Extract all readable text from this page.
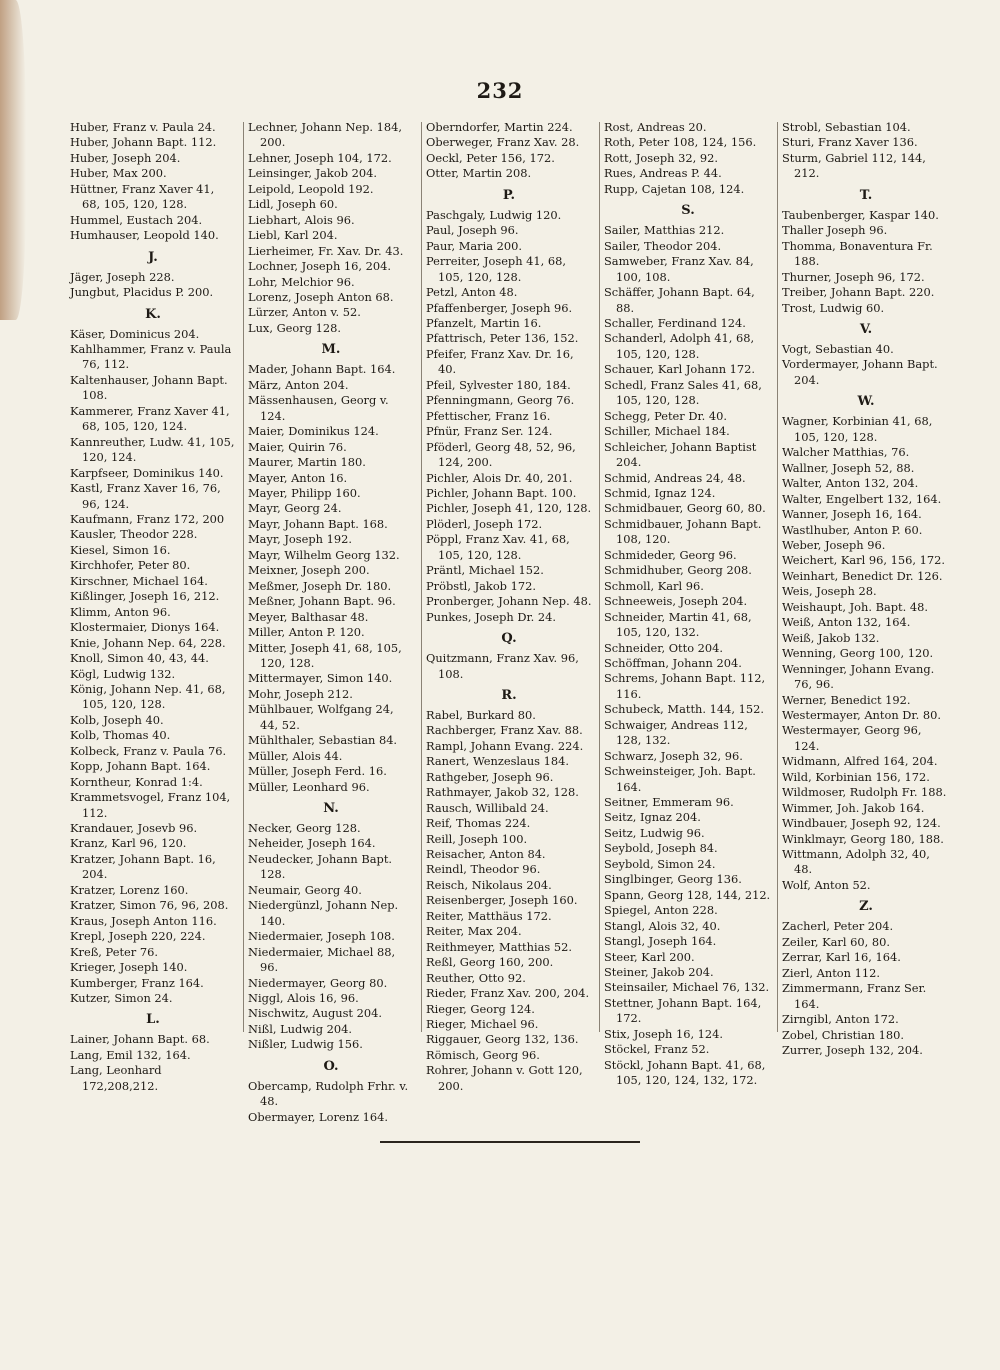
232
Huber, Franz v. Paula 24.
Huber, Johann Bapt. 112.
Huber, Joseph 204.
Huber, Max 200.
Hüttner, Franz Xaver 41, 68, 105, 120, 128.
Hummel, Eustach 204.
Humhauser, Leopold 140.
J.
Jäger, Joseph 228.
Jungbut, Placidus P. 200.
K.
Käser, Dominicus 204.
Kahlhammer, Franz v. Paula 76, 112.
Kaltenhauser, Johann Bapt. 108.
Kammerer, Franz Xaver 41, 68, 105, 120, 124.
Kannreuther, Ludw. 41, 105, 120, 124.
Karpfseer, Dominikus 140.
Kastl, Franz Xaver 16, 76, 96, 124.
Kaufmann, Franz 172, 200
Kausler, Theodor 228.
Kiesel, Simon 16.
Kirchhofer, Peter 80.
Kirschner, Michael 164.
Kißlinger, Joseph 16, 212.
Klimm, Anton 96.
Klostermaier, Dionys 164.
Knie, Johann Nep. 64, 228.
Knoll, Simon 40, 43, 44.
Kögl, Ludwig 132.
König, Johann Nep. 41, 68, 105, 120, 128.
Kolb, Joseph 40.
Kolb, Thomas 40.
Kolbeck, Franz v. Paula 76.
Kopp, Johann Bapt. 164.
Korntheur, Konrad 1:4.
Krammetsvogel, Franz 104, 112.
Krandauer, Josevb 96.
Kranz, Karl 96, 120.
Kratzer, Johann Bapt. 16, 204.
Kratzer, Lorenz 160.
Kratzer, Simon 76, 96, 208.
Kraus, Joseph Anton 116.
Krepl, Joseph 220, 224.
Kreß, Peter 76.
Krieger, Joseph 140.
Kumberger, Franz 164.
Kutzer, Simon 24.
L.
Lainer, Johann Bapt. 68.
Lang, Emil 132, 164.
Lang, Leonhard 172,208,212.
Lechner, Johann Nep. 184, 200.
Lehner, Joseph 104, 172.
Leinsinger, Jakob 204.
Leipold, Leopold 192.
Lidl, Joseph 60.
Liebhart, Alois 96.
Liebl, Karl 204.
Lierheimer, Fr. Xav. Dr. 43.
Lochner, Joseph 16, 204.
Lohr, Melchior 96.
Lorenz, Joseph Anton 68.
Lürzer, Anton v. 52.
Lux, Georg 128.
M.
Mader, Johann Bapt. 164.
März, Anton 204.
Mässenhausen, Georg v. 124.
Maier, Dominikus 124.
Maier, Quirin 76.
Maurer, Martin 180.
Mayer, Anton 16.
Mayer, Philipp 160.
Mayr, Georg 24.
Mayr, Johann Bapt. 168.
Mayr, Joseph 192.
Mayr, Wilhelm Georg 132.
Meixner, Joseph 200.
Meßmer, Joseph Dr. 180.
Meßner, Johann Bapt. 96.
Meyer, Balthasar 48.
Miller, Anton P. 120.
Mitter, Joseph 41, 68, 105, 120, 128.
Mittermayer, Simon 140.
Mohr, Joseph 212.
Mühlbauer, Wolfgang 24, 44, 52.
Mühlthaler, Sebastian 84.
Müller, Alois 44.
Müller, Joseph Ferd. 16.
Müller, Leonhard 96.
N.
Necker, Georg 128.
Neheider, Joseph 164.
Neudecker, Johann Bapt. 128.
Neumair, Georg 40.
Niedergünzl, Johann Nep. 140.
Niedermaier, Joseph 108.
Niedermaier, Michael 88, 96.
Niedermayer, Georg 80.
Niggl, Alois 16, 96.
Nischwitz, August 204.
Nißl, Ludwig 204.
Nißler, Ludwig 156.
O.
Obercamp, Rudolph Frhr. v. 48.
Obermayer, Lorenz 164.
Oberndorfer, Martin 224.
Oberweger, Franz Xav. 28.
Oeckl, Peter 156, 172.
Otter, Martin 208.
P.
Paschgaly, Ludwig 120.
Paul, Joseph 96.
Paur, Maria 200.
Perreiter, Joseph 41, 68, 105, 120, 128.
Petzl, Anton 48.
Pfaffenberger, Joseph 96.
Pfanzelt, Martin 16.
Pfattrisch, Peter 136, 152.
Pfeifer, Franz Xav. Dr. 16, 40.
Pfeil, Sylvester 180, 184.
Pfenningmann, Georg 76.
Pfettischer, Franz 16.
Pfnür, Franz Ser. 124.
Pföderl, Georg 48, 52, 96, 124, 200.
Pichler, Alois Dr. 40, 201.
Pichler, Johann Bapt. 100.
Pichler, Joseph 41, 120, 128.
Plöderl, Joseph 172.
Pöppl, Franz Xav. 41, 68, 105, 120, 128.
Präntl, Michael 152.
Pröbstl, Jakob 172.
Pronberger, Johann Nep. 48.
Punkes, Joseph Dr. 24.
Q.
Quitzmann, Franz Xav. 96, 108.
R.
Rabel, Burkard 80.
Rachberger, Franz Xav. 88.
Rampl, Johann Evang. 224.
Ranert, Wenzeslaus 184.
Rathgeber, Joseph 96.
Rathmayer, Jakob 32, 128.
Rausch, Willibald 24.
Reif, Thomas 224.
Reill, Joseph 100.
Reisacher, Anton 84.
Reindl, Theodor 96.
Reisch, Nikolaus 204.
Reisenberger, Joseph 160.
Reiter, Matthäus 172.
Reiter, Max 204.
Reithmeyer, Matthias 52.
Reßl, Georg 160, 200.
Reuther, Otto 92.
Rieder, Franz Xav. 200, 204.
Rieger, Georg 124.
Rieger, Michael 96.
Riggauer, Georg 132, 136.
Römisch, Georg 96.
Rohrer, Johann v. Gott 120, 200.
Rost, Andreas 20.
Roth, Peter 108, 124, 156.
Rott, Joseph 32, 92.
Rues, Andreas P. 44.
Rupp, Cajetan 108, 124.
S.
Sailer, Matthias 212.
Sailer, Theodor 204.
Samweber, Franz Xav. 84, 100, 108.
Schäffer, Johann Bapt. 64, 88.
Schaller, Ferdinand 124.
Schanderl, Adolph 41, 68, 105, 120, 128.
Schauer, Karl Johann 172.
Schedl, Franz Sales 41, 68, 105, 120, 128.
Schegg, Peter Dr. 40.
Schiller, Michael 184.
Schleicher, Johann Baptist 204.
Schmid, Andreas 24, 48.
Schmid, Ignaz 124.
Schmidbauer, Georg 60, 80.
Schmidbauer, Johann Bapt. 108, 120.
Schmideder, Georg 96.
Schmidhuber, Georg 208.
Schmoll, Karl 96.
Schneeweis, Joseph 204.
Schneider, Martin 41, 68, 105, 120, 132.
Schneider, Otto 204.
Schöffman, Johann 204.
Schrems, Johann Bapt. 112, 116.
Schubeck, Matth. 144, 152.
Schwaiger, Andreas 112, 128, 132.
Schwarz, Joseph 32, 96.
Schweinsteiger, Joh. Bapt. 164.
Seitner, Emmeram 96.
Seitz, Ignaz 204.
Seitz, Ludwig 96.
Seybold, Joseph 84.
Seybold, Simon 24.
Singlbinger, Georg 136.
Spann, Georg 128, 144, 212.
Spiegel, Anton 228.
Stangl, Alois 32, 40.
Stangl, Joseph 164.
Steer, Karl 200.
Steiner, Jakob 204.
Steinsailer, Michael 76, 132.
Stettner, Johann Bapt. 164, 172.
Stix, Joseph 16, 124.
Stöckel, Franz 52.
Stöckl, Johann Bapt. 41, 68, 105, 120, 124, 132, 172.
Strobl, Sebastian 104.
Sturi, Franz Xaver 136.
Sturm, Gabriel 112, 144, 212.
T.
Taubenberger, Kaspar 140.
Thaller Joseph 96.
Thomma, Bonaventura Fr. 188.
Thurner, Joseph 96, 172.
Treiber, Johann Bapt. 220.
Trost, Ludwig 60.
V.
Vogt, Sebastian 40.
Vordermayer, Johann Bapt. 204.
W.
Wagner, Korbinian 41, 68, 105, 120, 128.
Walcher Matthias, 76.
Wallner, Joseph 52, 88.
Walter, Anton 132, 204.
Walter, Engelbert 132, 164.
Wanner, Joseph 16, 164.
Wastlhuber, Anton P. 60.
Weber, Joseph 96.
Weichert, Karl 96, 156, 172.
Weinhart, Benedict Dr. 126.
Weis, Joseph 28.
Weishaupt, Joh. Bapt. 48.
Weiß, Anton 132, 164.
Weiß, Jakob 132.
Wenning, Georg 100, 120.
Wenninger, Johann Evang. 76, 96.
Werner, Benedict 192.
Westermayer, Anton Dr. 80.
Westermayer, Georg 96, 124.
Widmann, Alfred 164, 204.
Wild, Korbinian 156, 172.
Wildmoser, Rudolph Fr. 188.
Wimmer, Joh. Jakob 164.
Windbauer, Joseph 92, 124.
Winklmayr, Georg 180, 188.
Wittmann, Adolph 32, 40, 48.
Wolf, Anton 52.
Z.
Zacherl, Peter 204.
Zeiler, Karl 60, 80.
Zerrar, Karl 16, 164.
Zierl, Anton 112.
Zimmermann, Franz Ser. 164.
Zirngibl, Anton 172.
Zobel, Christian 180.
Zurrer, Joseph 132, 204.
